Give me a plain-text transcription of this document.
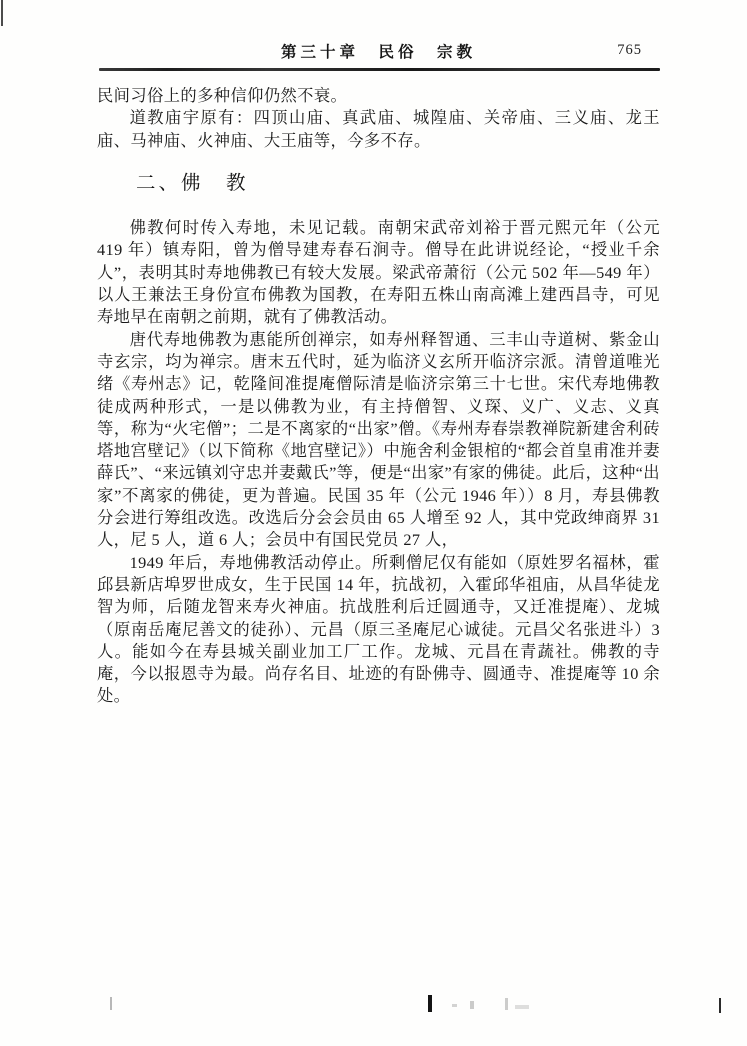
第三十章　民俗　宗教	765

民间习俗上的多种信仰仍然不衰。

道教庙宇原有：四顶山庙、真武庙、城隍庙、关帝庙、三义庙、龙王庙、马神庙、火神庙、大王庙等，今多不存。

二、佛　教

佛教何时传入寿地，未见记载。南朝宋武帝刘裕于晋元熙元年（公元 419 年）镇寿阳，曾为僧导建寿春石涧寺。僧导在此讲说经论，“授业千余人”，表明其时寿地佛教已有较大发展。梁武帝萧衍（公元 502 年—549 年）以人王兼法王身份宣布佛教为国教，在寿阳五株山南高滩上建西昌寺，可见寿地早在南朝之前期，就有了佛教活动。

唐代寿地佛教为惠能所创禅宗，如寿州释智通、三丰山寺道树、紫金山寺玄宗，均为禅宗。唐末五代时，延为临济义玄所开临济宗派。清曾道唯光绪《寿州志》记，乾隆间准提庵僧际清是临济宗第三十七世。宋代寿地佛教徒成两种形式，一是以佛教为业，有主持僧智、义琛、义广、义志、义真等，称为“火宅僧”；二是不离家的“出家”僧。《寿州寿春崇教禅院新建舍利砖塔地宫壁记》（以下简称《地宫壁记》）中施舍利金银棺的“都会首皇甫准并妻薛氏”、“来远镇刘守忠并妻戴氏”等，便是“出家”有家的佛徒。此后，这种“出家”不离家的佛徒，更为普遍。民国 35 年（公元 1946 年））8 月，寿县佛教分会进行筹组改选。改选后分会会员由 65 人增至 92 人，其中党政绅商界 31 人，尼 5 人，道 6 人；会员中有国民党员 27 人，

1949 年后，寿地佛教活动停止。所剩僧尼仅有能如（原姓罗名福林，霍邱县新店埠罗世成女，生于民国 14 年，抗战初，入霍邱华祖庙，从昌华徒龙智为师，后随龙智来寿火神庙。抗战胜利后迁圆通寺，又迁准提庵）、龙城（原南岳庵尼善文的徒孙）、元昌（原三圣庵尼心诚徒。元昌父名张进斗）3 人。能如今在寿县城关副业加工厂工作。龙城、元昌在青蔬社。佛教的寺庵，今以报恩寺为最。尚存名目、址迹的有卧佛寺、圆通寺、准提庵等 10 余处。
